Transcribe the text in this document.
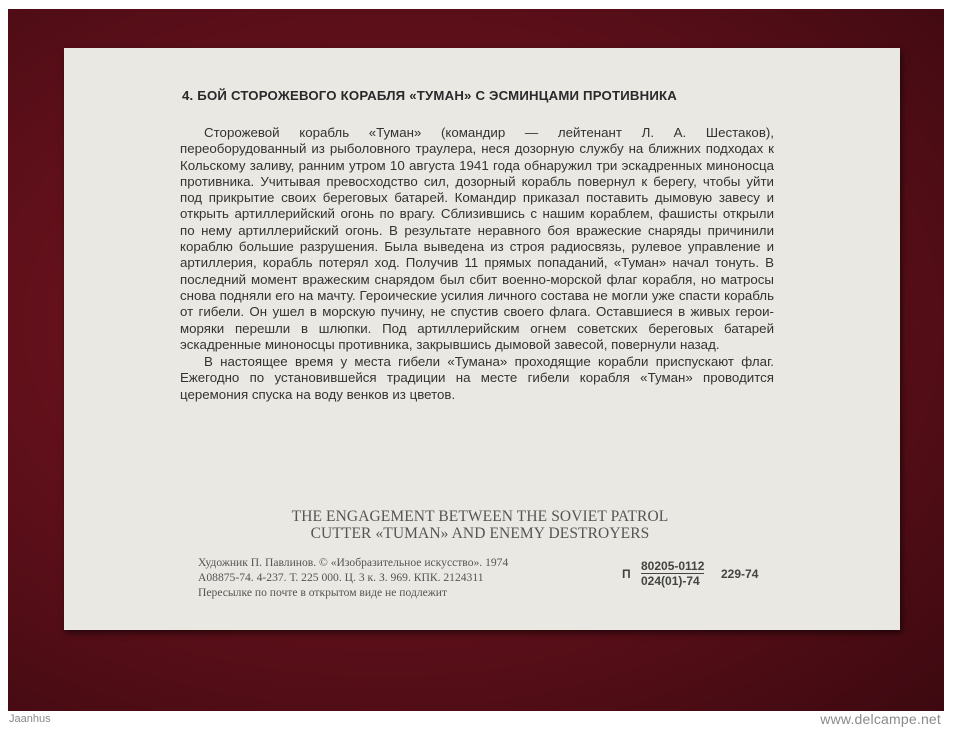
4. БОЙ СТОРОЖЕВОГО КОРАБЛЯ «ТУМАН» С ЭСМИНЦАМИ ПРОТИВНИКА

Сторожевой корабль «Туман» (командир — лейтенант Л. А. Шестаков), переоборудованный из рыболовного траулера, неся дозорную службу на ближних подходах к Кольскому заливу, ранним утром 10 августа 1941 года обнаружил три эскадренных миноносца противника. Учитывая превосходство сил, дозорный корабль повернул к берегу, чтобы уйти под прикрытие своих береговых батарей. Командир приказал поставить дымовую завесу и открыть артиллерийский огонь по врагу. Сблизившись с нашим кораблем, фашисты открыли по нему артиллерийский огонь. В результате неравного боя вражеские снаряды причинили кораблю большие разрушения. Была выведена из строя радиосвязь, рулевое управление и артиллерия, корабль потерял ход. Получив 11 прямых попаданий, «Туман» начал тонуть. В последний момент вражеским снарядом был сбит военно-морской флаг корабля, но матросы снова подняли его на мачту. Героические усилия личного состава не могли уже спасти корабль от гибели. Он ушел в морскую пучину, не спустив своего флага. Оставшиеся в живых герои-моряки перешли в шлюпки. Под артиллерийским огнем советских береговых батарей эскадренные миноносцы противника, закрывшись дымовой завесой, повернули назад.

В настоящее время у места гибели «Тумана» проходящие корабли приспускают флаг. Ежегодно по установившейся традиции на месте гибели корабля «Туман» проводится церемония спуска на воду венков из цветов.

THE ENGAGEMENT BETWEEN THE SOVIET PATROL
CUTTER «TUMAN» AND ENEMY DESTROYERS
Художник П. Павлинов. © «Изобразительное искусство». 1974
А08875-74. 4-237. Т. 225 000. Ц. 3 к. З. 969. КПК. 2124311
Пересылке по почте в открытом виде не подлежит
П $\frac{80205-0112}{024(01)-74} 229-74$
Jaanhus	www.delcampe.net
